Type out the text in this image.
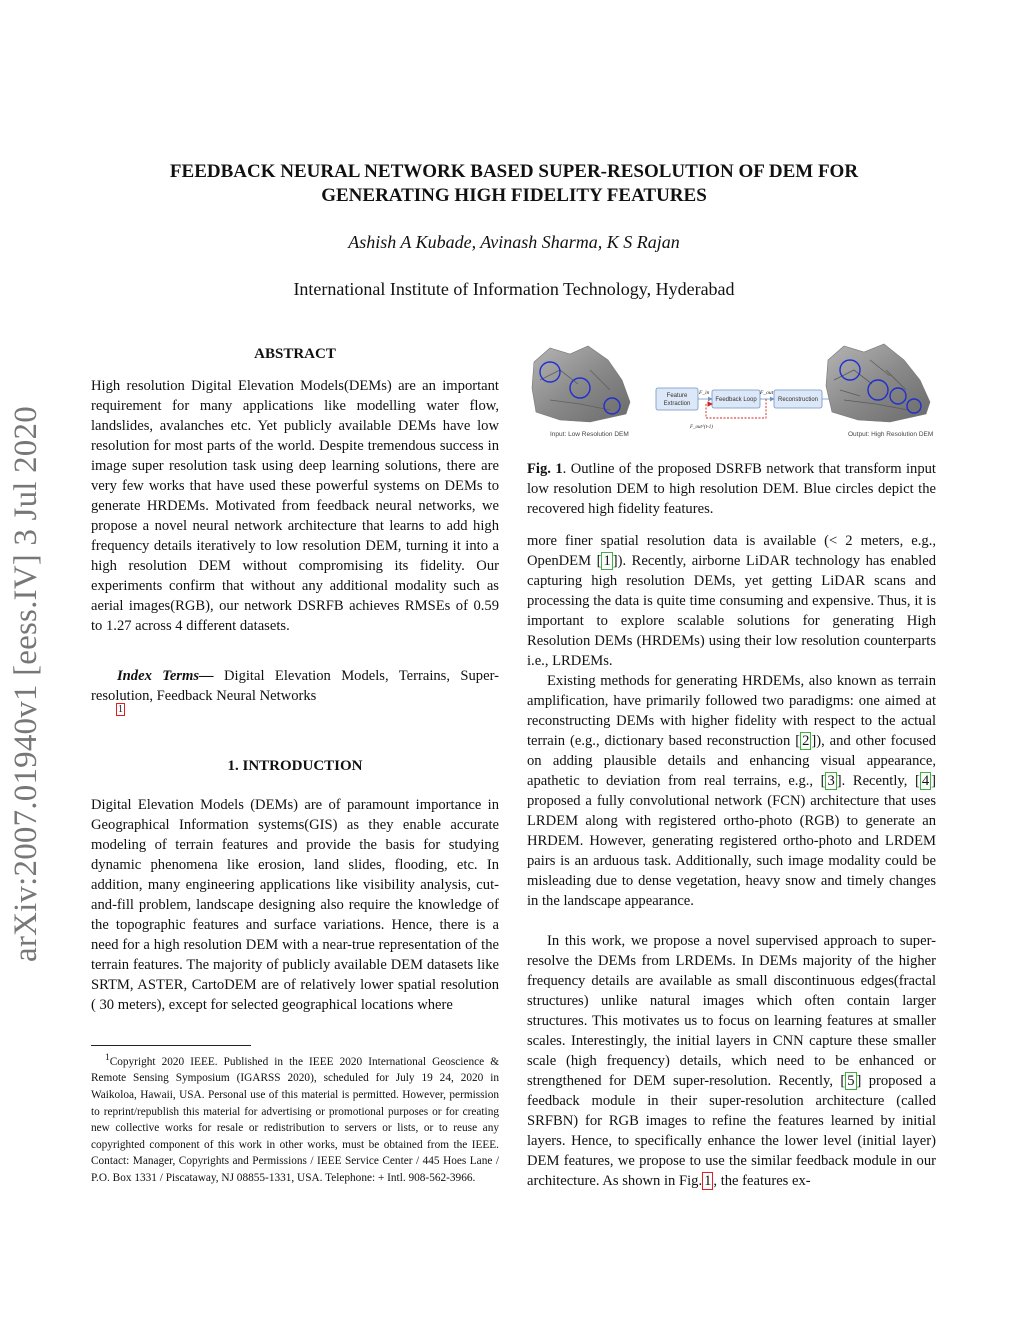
FEEDBACK NEURAL NETWORK BASED SUPER-RESOLUTION OF DEM FOR
GENERATING HIGH FIDELITY FEATURES
Ashish A Kubade, Avinash Sharma, K S Rajan
International Institute of Information Technology, Hyderabad
arXiv:2007.01940v1 [eess.IV] 3 Jul 2020
ABSTRACT

High resolution Digital Elevation Models(DEMs) are an important requirement for many applications like modelling water flow, landslides, avalanches etc. Yet publicly available DEMs have low resolution for most parts of the world. Despite tremendous success in image super resolution task using deep learning solutions, there are very few works that have used these powerful systems on DEMs to generate HRDEMs. Motivated from feedback neural networks, we propose a novel neural network architecture that learns to add high frequency details iteratively to low resolution DEM, turning it into a high resolution DEM without compromising its fidelity. Our experiments confirm that without any additional modality such as aerial images(RGB), our network DSRFB achieves RMSEs of 0.59 to 1.27 across 4 different datasets.

Index Terms— Digital Elevation Models, Terrains, Super-resolution, Feedback Neural Networks

$^1$
1. INTRODUCTION

Digital Elevation Models (DEMs) are of paramount importance in Geographical Information systems(GIS) as they enable accurate modeling of terrain features and provide the basis for studying dynamic phenomena like erosion, land slides, flooding, etc. In addition, many engineering applications like visibility analysis, cut-and-fill problem, landscape designing also require the knowledge of the topographic features and surface variations. Hence, there is a need for a high resolution DEM with a near-true representation of the terrain features. The majority of publicly available DEM datasets like SRTM, ASTER, CartoDEM are of relatively lower spatial resolution ( 30 meters), except for selected geographical locations where

$^1$Copyright 2020 IEEE. Published in the IEEE 2020 International Geoscience & Remote Sensing Symposium (IGARSS 2020), scheduled for July 19 24, 2020 in Waikoloa, Hawaii, USA. Personal use of this material is permitted. However, permission to reprint/republish this material for advertising or promotional purposes or for creating new collective works for resale or redistribution to servers or lists, or to reuse any copyrighted component of this work in other works, must be obtained from the IEEE. Contact: Manager, Copyrights and Permissions / IEEE Service Center / 445 Hoes Lane / P.O. Box 1331 / Piscataway, NJ 08855-1331, USA. Telephone: + Intl. 908-562-3966.
Input: Low Resolution DEM
Feature
Extraction
F_in
Feedback Loop
F_out
Reconstruction
F_out^(t-1)
Output: High Resolution DEM
Fig. 1. Outline of the proposed DSRFB network that transform input low resolution DEM to high resolution DEM. Blue circles depict the recovered high fidelity features.

more finer spatial resolution data is available (< 2 meters, e.g., OpenDEM [ 1 ]). Recently, airborne LiDAR technology has enabled capturing high resolution DEMs, yet getting LiDAR scans and processing the data is quite time consuming and expensive. Thus, it is important to explore scalable solutions for generating High Resolution DEMs (HRDEMs) using their low resolution counterparts i.e., LRDEMs.

Existing methods for generating HRDEMs, also known as terrain amplification, have primarily followed two paradigms: one aimed at reconstructing DEMs with higher fidelity with respect to the actual terrain (e.g., dictionary based reconstruction [ 2 ]), and other focused on adding plausible details and enhancing visual appearance, apathetic to deviation from real terrains, e.g., [ 3 ]. Recently, [ 4 ] proposed a fully convolutional network (FCN) architecture that uses LRDEM along with registered ortho-photo (RGB) to generate an HRDEM. However, generating registered ortho-photo and LRDEM pairs is an arduous task. Additionally, such image modality could be misleading due to dense vegetation, heavy snow and timely changes in the landscape appearance.

In this work, we propose a novel supervised approach to super-resolve the DEMs from LRDEMs. In DEMs majority of the higher frequency details are available as small discontinuous edges(fractal structures) unlike natural images which often contain larger structures. This motivates us to focus on learning features at smaller scales. Interestingly, the initial layers in CNN capture these smaller scale (high frequency) details, which need to be enhanced or strengthened for DEM super-resolution. Recently, [ 5 ] proposed a feedback module in their super-resolution architecture (called SRFBN) for RGB images to refine the features learned by initial layers. Hence, to specifically enhance the lower level (initial layer) DEM features, we propose to use the similar feedback module in our architecture. As shown in Fig. 1 , the features ex-
